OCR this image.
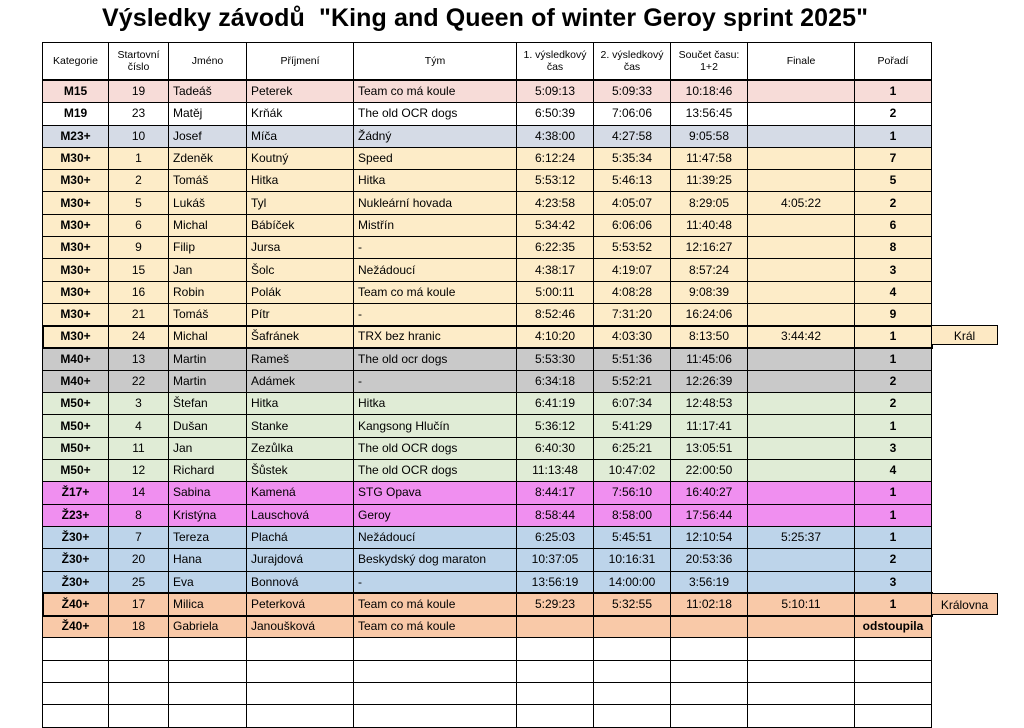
Výsledky závodů  "King and Queen of winter Geroy sprint 2025"
Kategorie	Startovní číslo	Jméno	Příjmení	Tým	1. výsledkový čas	2. výsledkový čas	Součet času: 1+2	Finale	Pořadí
M15	19	Tadeáš	Peterek	Team co má koule	5:09:13	5:09:33	10:18:46		1
M19	23	Matěj	Krňák	The old OCR dogs	6:50:39	7:06:06	13:56:45		2
M23+	10	Josef	Míča	Žádný	4:38:00	4:27:58	9:05:58		1
M30+	1	Zdeněk	Koutný	Speed	6:12:24	5:35:34	11:47:58		7
M30+	2	Tomáš	Hitka	Hitka	5:53:12	5:46:13	11:39:25		5
M30+	5	Lukáš	Tyl	Nukleární hovada	4:23:58	4:05:07	8:29:05	4:05:22	2
M30+	6	Michal	Bábíček	Mistřín	5:34:42	6:06:06	11:40:48		6
M30+	9	Filip	Jursa	-	6:22:35	5:53:52	12:16:27		8
M30+	15	Jan	Šolc	Nežádoucí	4:38:17	4:19:07	8:57:24		3
M30+	16	Robin	Polák	Team co má koule	5:00:11	4:08:28	9:08:39		4
M30+	21	Tomáš	Pítr	-	8:52:46	7:31:20	16:24:06		9
M30+	24	Michal	Šafránek	TRX bez hranic	4:10:20	4:03:30	8:13:50	3:44:42	1
M40+	13	Martin	Rameš	The old ocr dogs	5:53:30	5:51:36	11:45:06		1
M40+	22	Martin	Adámek	-	6:34:18	5:52:21	12:26:39		2
M50+	3	Štefan	Hitka	Hitka	6:41:19	6:07:34	12:48:53		2
M50+	4	Dušan	Stanke	Kangsong Hlučín	5:36:12	5:41:29	11:17:41		1
M50+	11	Jan	Zezůlka	The old OCR dogs	6:40:30	6:25:21	13:05:51		3
M50+	12	Richard	Šůstek	The old OCR dogs	11:13:48	10:47:02	22:00:50		4
Ž17+	14	Sabina	Kamená	STG Opava	8:44:17	7:56:10	16:40:27		1
Ž23+	8	Kristýna	Lauschová	Geroy	8:58:44	8:58:00	17:56:44		1
Ž30+	7	Tereza	Plachá	Nežádoucí	6:25:03	5:45:51	12:10:54	5:25:37	1
Ž30+	20	Hana	Jurajdová	Beskydský dog maraton	10:37:05	10:16:31	20:53:36		2
Ž30+	25	Eva	Bonnová	-	13:56:19	14:00:00	3:56:19		3
Ž40+	17	Milica	Peterková	Team co má koule	5:29:23	5:32:55	11:02:18	5:10:11	1
Ž40+	18	Gabriela	Janoušková	Team co má koule					odstoupila

Král
Královna
